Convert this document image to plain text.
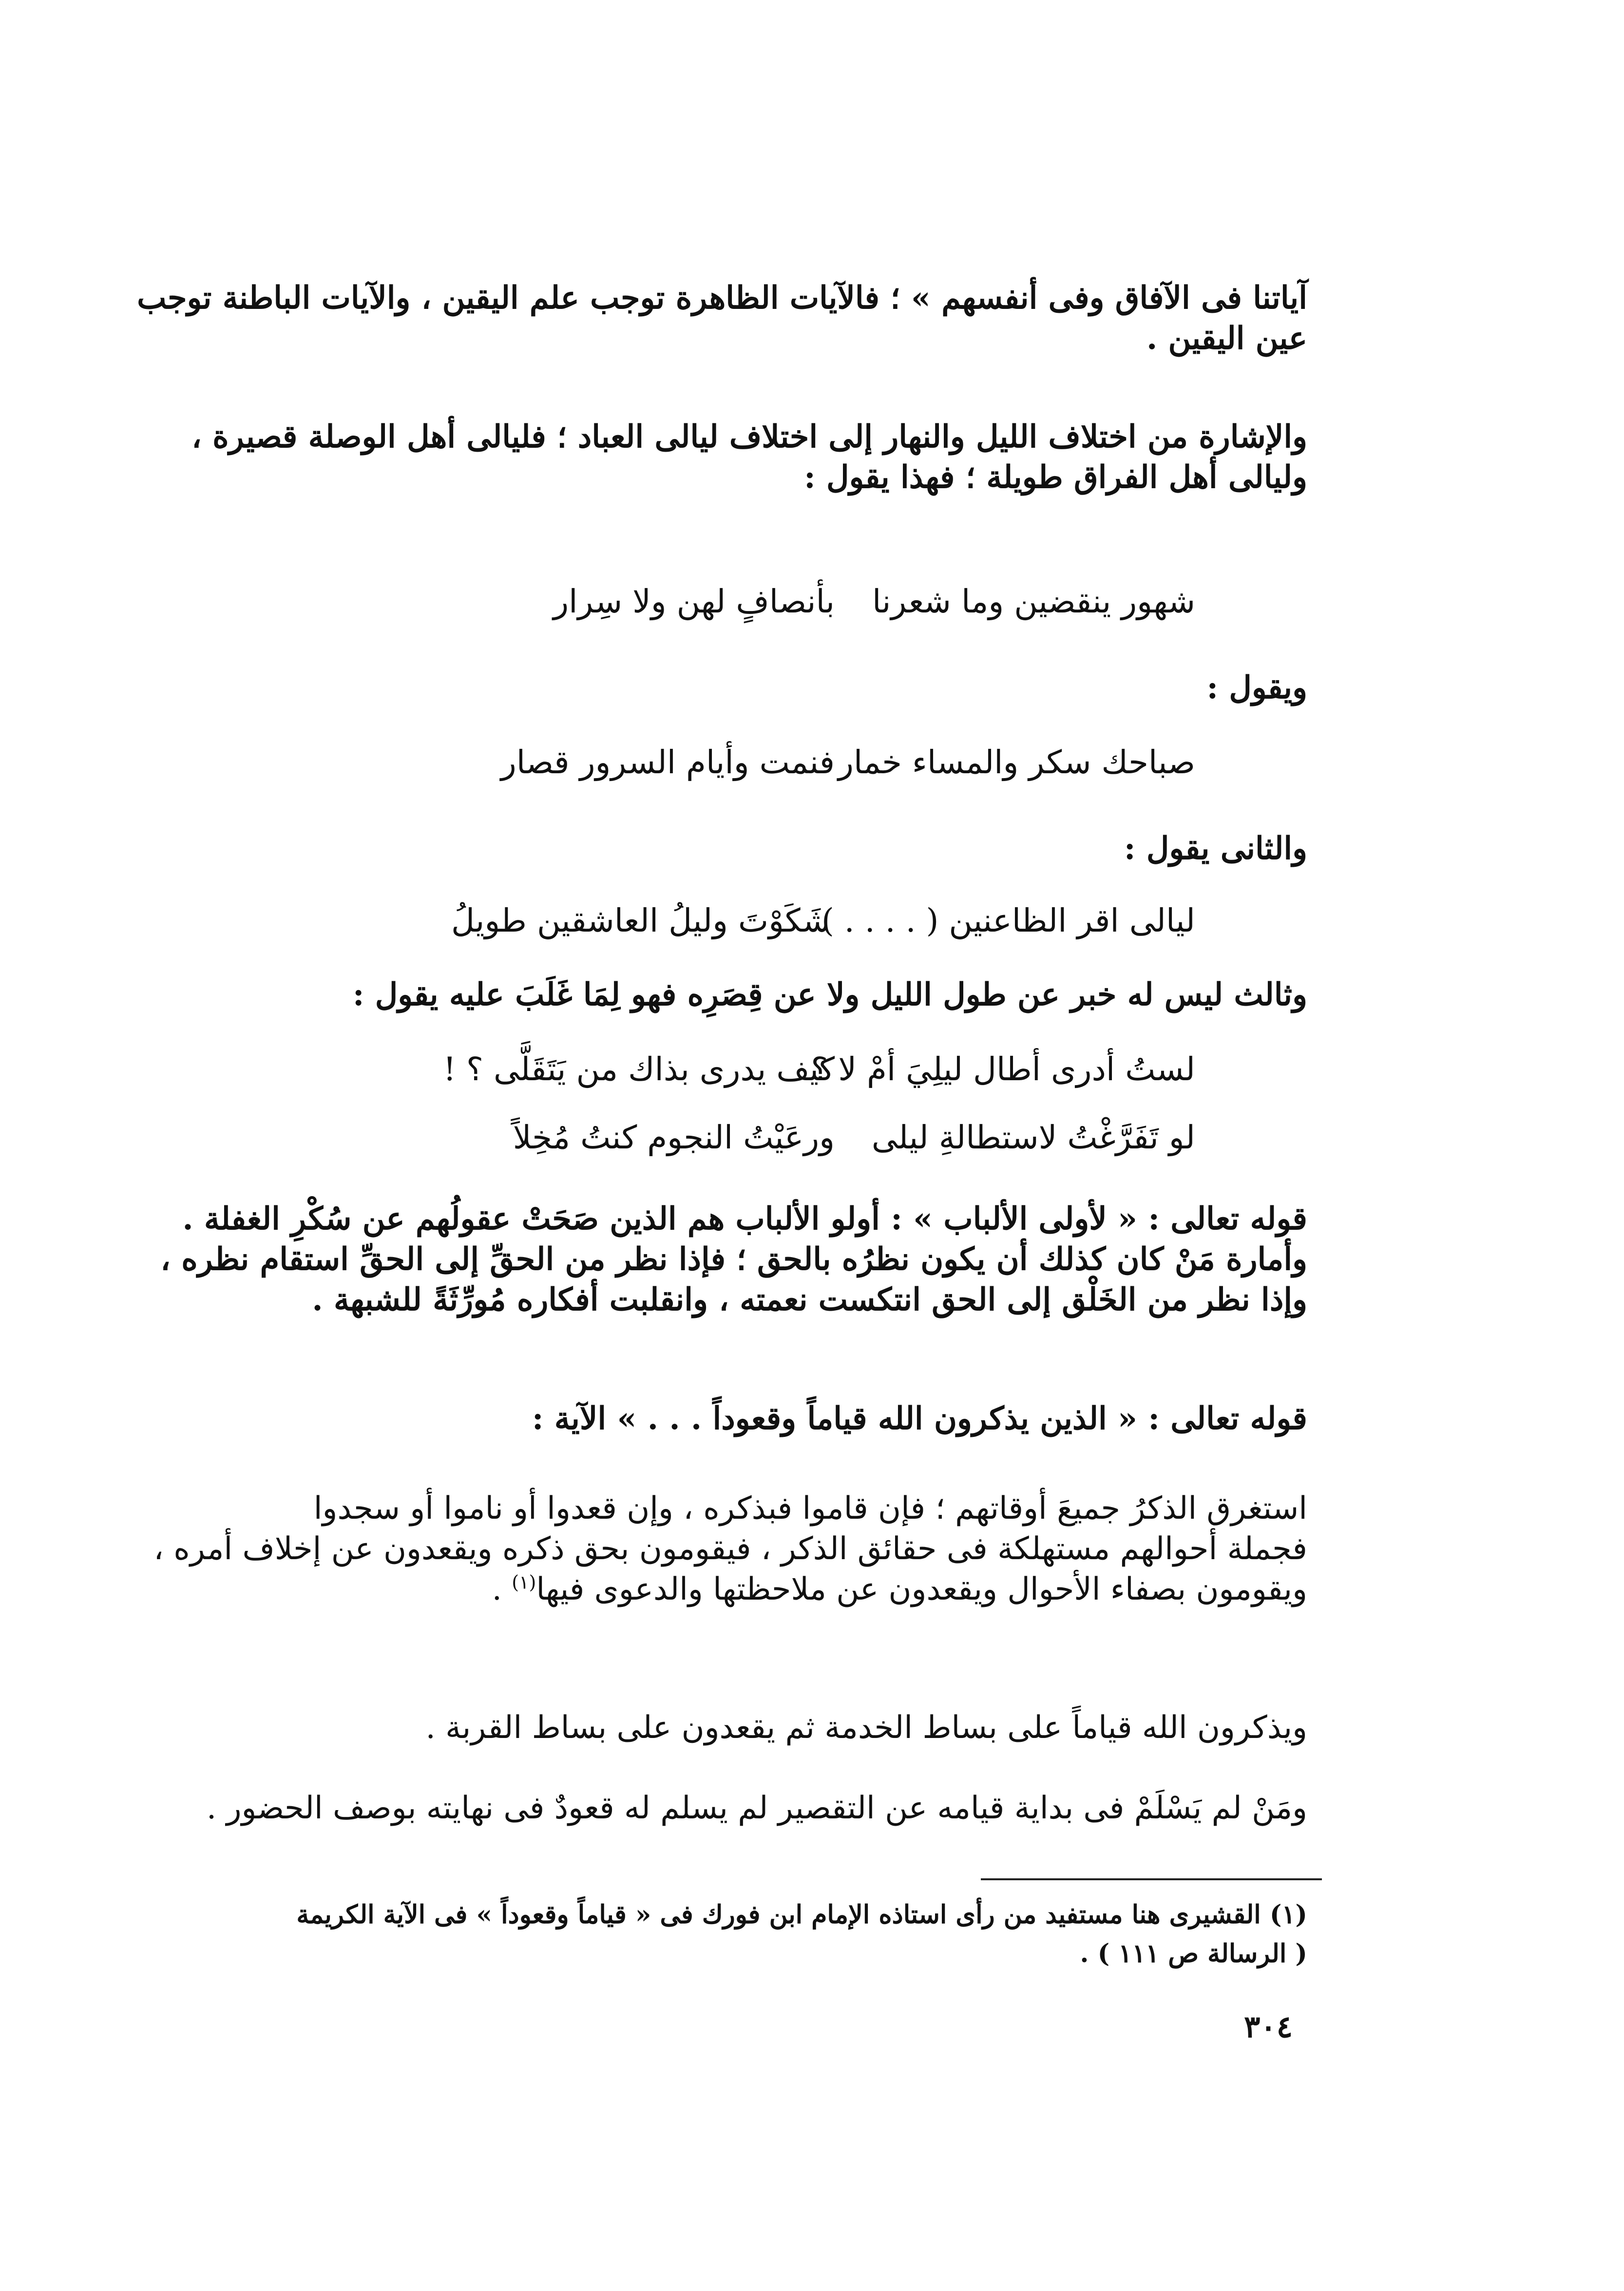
آياتنا فى الآفاق وفى أنفسهم » ؛ فالآيات الظاهرة توجب علم اليقين ، والآيات الباطنة توجب
عين اليقين .
والإشارة من اختلاف الليل والنهار إلى اختلاف ليالى العباد ؛ فليالى أهل الوصلة قصيرة ،
وليالى أهل الفراق طويلة ؛ فهذا يقول :
شهور ينقضين وما شعرنا
بأنصافٍ لهن ولا سِرار
ويقول :
صباحك سكر والمساء خمار
فنمت وأيام السرور قصار
والثانى يقول :
ليالى اقر الظاعنين ( . . . . )
شَكَوْتَ وليلُ العاشقين طويلُ
وثالث ليس له خبر عن طول الليل ولا عن قِصَرِه فهو لِمَا غَلَبَ عليه يقول :
لستُ أدرى أطال ليلِيَ أمْ لا ؟
كيف يدرى بذاك من يَتَقَلَّى ؟ !
لو تَفَرَّغْتُ لاستطالةِ ليلى
ورعَيْتُ النجوم كنتُ مُخِلاً
قوله تعالى : « لأولى الألباب » : أولو الألباب هم الذين صَحَتْ عقولُهم عن سُكْرِ الغفلة .
وأمارة مَنْ كان كذلك أن يكون نظرُه بالحق ؛ فإذا نظر من الحقِّ إلى الحقِّ استقام نظره ،
وإذا نظر من الخَلْق إلى الحق انتكست نعمته ، وانقلبت أفكاره مُورِّثَةً للشبهة .
قوله تعالى : « الذين يذكرون الله قياماً وقعوداً . . . » الآية :
استغرق الذكرُ جميعَ أوقاتهم ؛ فإن قاموا فبذكره ، وإن قعدوا أو ناموا أو سجدوا
فجملة أحوالهم مستهلكة فى حقائق الذكر ، فيقومون بحق ذكره ويقعدون عن إخلاف أمره ،
ويقومون بصفاء الأحوال ويقعدون عن ملاحظتها والدعوى فيها$^{(١)}$ .
ويذكرون الله قياماً على بساط الخدمة ثم يقعدون على بساط القربة .
ومَنْ لم يَسْلَمْ فى بداية قيامه عن التقصير لم يسلم له قعودٌ فى نهايته بوصف الحضور .
(١) القشيرى هنا مستفيد من رأى استاذه الإمام ابن فورك فى « قياماً وقعوداً » فى الآية الكريمة
( الرسالة ص ١١١ ) .
٣٠٤
